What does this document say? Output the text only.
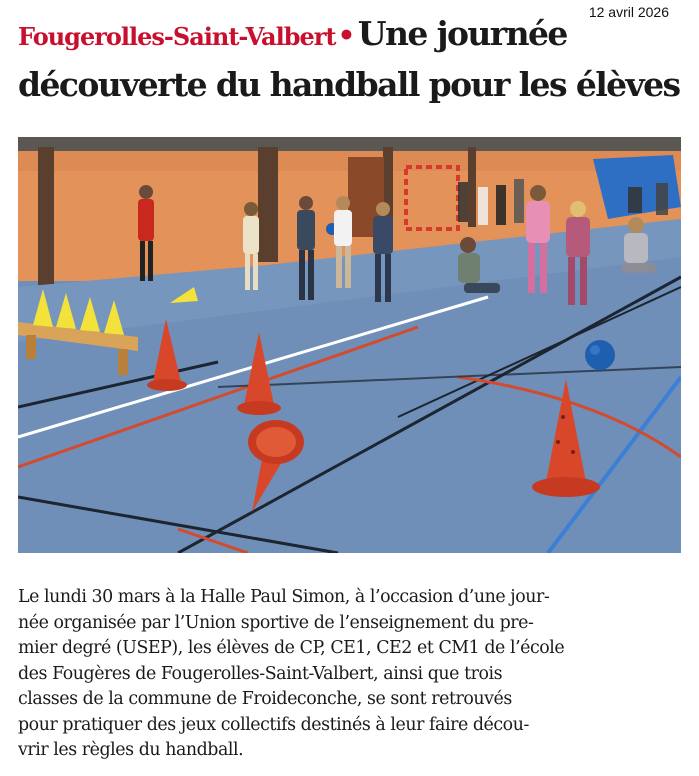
12 avril 2026
Fougerolles-Saint-Valbert• Une journée découverte du handball pour les élèves

Le lundi 30 mars à la Halle Paul Simon, à l’occasion d’une jour-
née organisée par l’Union sportive de l’enseignement du pre-
mier degré (USEP), les élèves de CP, CE1, CE2 et CM1 de l’école
des Fougères de Fougerolles-Saint-Valbert, ainsi que trois
classes de la commune de Froideconche, se sont retrouvés
pour pratiquer des jeux collectifs destinés à leur faire décou-
vrir les règles du handball.
